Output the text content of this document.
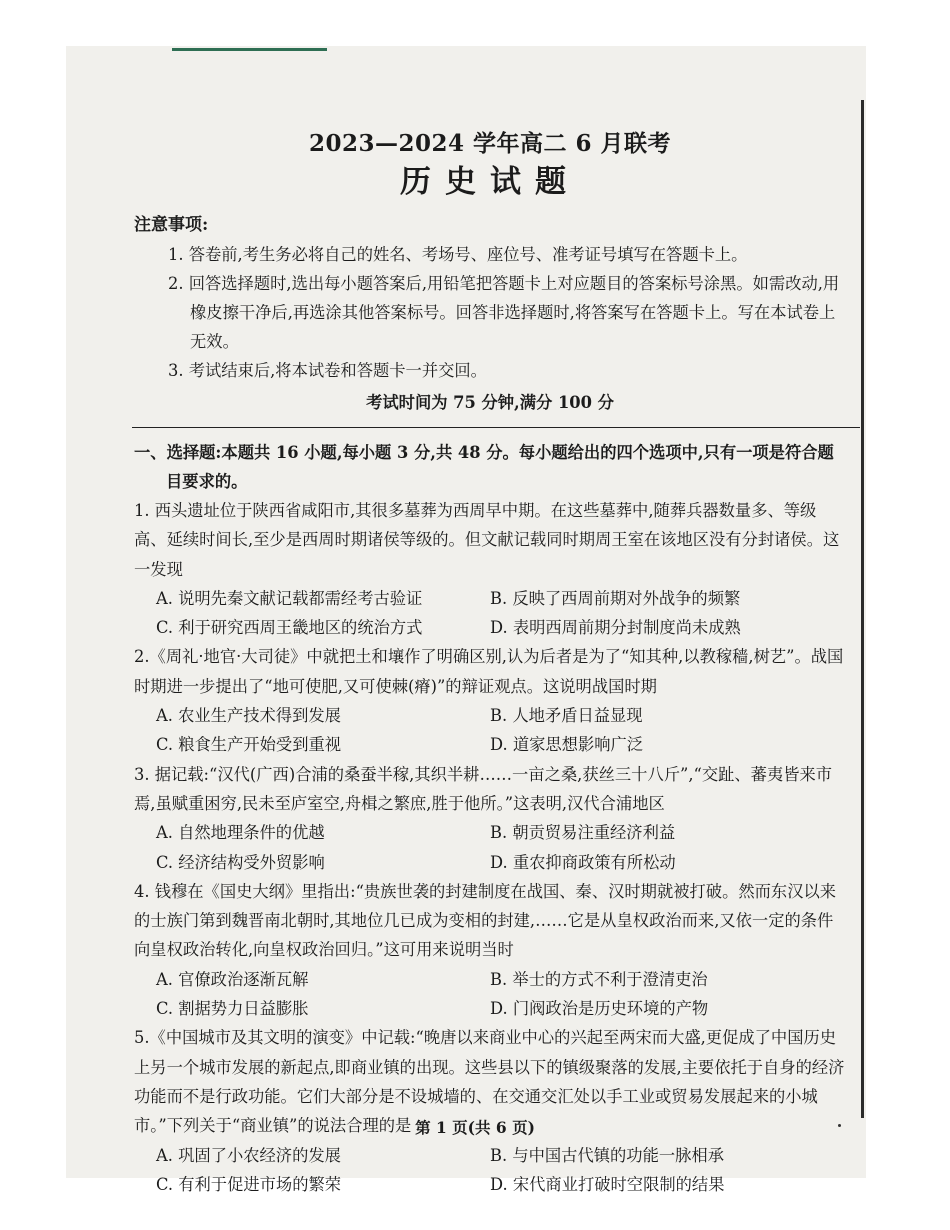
2023—2024 学年高二 6 月联考
历史试题

注意事项:

1. 答卷前,考生务必将自己的姓名、考场号、座位号、准考证号填写在答题卡上。

2. 回答选择题时,选出每小题答案后,用铅笔把答题卡上对应题目的答案标号涂黑。如需改动,用橡皮擦干净后,再选涂其他答案标号。回答非选择题时,将答案写在答题卡上。写在本试卷上无效。

3. 考试结束后,将本试卷和答题卡一并交回。

考试时间为 75 分钟,满分 100 分

一、选择题:本题共 16 小题,每小题 3 分,共 48 分。每小题给出的四个选项中,只有一项是符合题目要求的。

1. 西头遗址位于陕西省咸阳市,其很多墓葬为西周早中期。在这些墓葬中,随葬兵器数量多、等级高、延续时间长,至少是西周时期诸侯等级的。但文献记载同时期周王室在该地区没有分封诸侯。这一发现

A. 说明先秦文献记载都需经考古验证	B. 反映了西周前期对外战争的频繁

C. 利于研究西周王畿地区的统治方式	D. 表明西周前期分封制度尚未成熟

2.《周礼·地官·大司徒》中就把土和壤作了明确区别,认为后者是为了“知其种,以教稼穑,树艺”。战国时期进一步提出了“地可使肥,又可使棘(瘠)”的辩证观点。这说明战国时期

A. 农业生产技术得到发展	B. 人地矛盾日益显现

C. 粮食生产开始受到重视	D. 道家思想影响广泛

3. 据记载:“汉代(广西)合浦的桑蚕半稼,其织半耕……一亩之桑,获丝三十八斤”,“交趾、蕃夷皆来市焉,虽赋重困穷,民未至庐室空,舟楫之繁庶,胜于他所。”这表明,汉代合浦地区

A. 自然地理条件的优越	B. 朝贡贸易注重经济利益

C. 经济结构受外贸影响	D. 重农抑商政策有所松动

4. 钱穆在《国史大纲》里指出:“贵族世袭的封建制度在战国、秦、汉时期就被打破。然而东汉以来的士族门第到魏晋南北朝时,其地位几已成为变相的封建,……它是从皇权政治而来,又依一定的条件向皇权政治转化,向皇权政治回归。”这可用来说明当时

A. 官僚政治逐渐瓦解	B. 举士的方式不利于澄清吏治

C. 割据势力日益膨胀	D. 门阀政治是历史环境的产物

5.《中国城市及其文明的演变》中记载:“晚唐以来商业中心的兴起至两宋而大盛,更促成了中国历史上另一个城市发展的新起点,即商业镇的出现。这些县以下的镇级聚落的发展,主要依托于自身的经济功能而不是行政功能。它们大部分是不设城墙的、在交通交汇处以手工业或贸易发展起来的小城市。”下列关于“商业镇”的说法合理的是

A. 巩固了小农经济的发展	B. 与中国古代镇的功能一脉相承

C. 有利于促进市场的繁荣	D. 宋代商业打破时空限制的结果

第 1 页(共 6 页)
